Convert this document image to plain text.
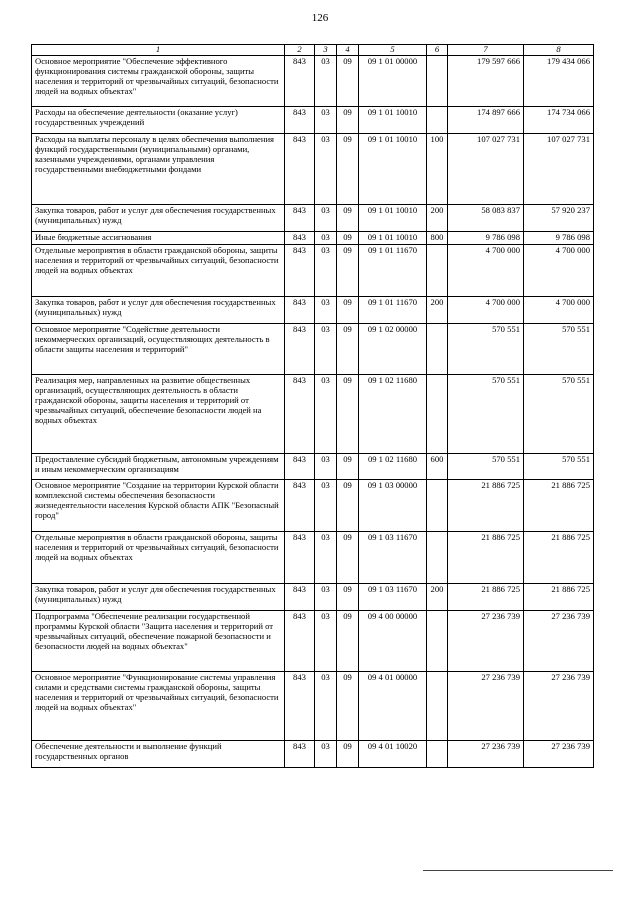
126
1	2	3	4	5	6	7	8
Основное мероприятие "Обеспечение эффективного функционирования системы гражданской обороны, защиты населения и территорий от чрезвычайных ситуаций, безопасности людей на водных объектах"	843	03	09	09 1 01 00000		179 597 666	179 434 066
Расходы на обеспечение деятельности (оказание услуг) государственных учреждений	843	03	09	09 1 01 10010		174 897 666	174 734 066
Расходы на выплаты персоналу в целях обеспечения выполнения функций государственными (муниципальными) органами, казенными учреждениями, органами управления государственными внебюджетными фондами	843	03	09	09 1 01 10010	100	107 027 731	107 027 731
Закупка товаров, работ и услуг для обеспечения государственных (муниципальных) нужд	843	03	09	09 1 01 10010	200	58 083 837	57 920 237
Иные бюджетные ассигнования	843	03	09	09 1 01 10010	800	9 786 098	9 786 098
Отдельные мероприятия в области гражданской обороны, защиты населения и территорий от чрезвычайных ситуаций, безопасности людей на водных объектах	843	03	09	09 1 01 11670		4 700 000	4 700 000
Закупка товаров, работ и услуг для обеспечения государственных (муниципальных) нужд	843	03	09	09 1 01 11670	200	4 700 000	4 700 000
Основное мероприятие "Содействие деятельности некоммерческих организаций, осуществляющих деятельность в области защиты населения и территорий"	843	03	09	09 1 02 00000		570 551	570 551
Реализация мер, направленных на развитие общественных организаций, осуществляющих деятельность в области гражданской обороны, защиты населения и территорий от чрезвычайных ситуаций, обеспечение безопасности людей на водных объектах	843	03	09	09 1 02 11680		570 551	570 551
Предоставление субсидий бюджетным, автономным учреждениям и иным некоммерческим организациям	843	03	09	09 1 02 11680	600	570 551	570 551
Основное мероприятие "Создание на территории Курской области комплексной системы обеспечения безопасности жизнедеятельности населения Курской области АПК "Безопасный город"	843	03	09	09 1 03 00000		21 886 725	21 886 725
Отдельные мероприятия в области гражданской обороны, защиты населения и территорий от чрезвычайных ситуаций, безопасности людей на водных объектах	843	03	09	09 1 03 11670		21 886 725	21 886 725
Закупка товаров, работ и услуг для обеспечения государственных (муниципальных) нужд	843	03	09	09 1 03 11670	200	21 886 725	21 886 725
Подпрограмма "Обеспечение реализации государственной программы Курской области "Защита населения и территорий от чрезвычайных ситуаций, обеспечение пожарной безопасности и безопасности людей на водных объектах"	843	03	09	09 4 00 00000		27 236 739	27 236 739
Основное мероприятие "Функционирование системы управления силами и средствами системы гражданской обороны, защиты населения и территорий от чрезвычайных ситуаций, безопасности людей на водных объектах"	843	03	09	09 4 01 00000		27 236 739	27 236 739
Обеспечение деятельности и выполнение функций государственных органов	843	03	09	09 4 01 10020		27 236 739	27 236 739
